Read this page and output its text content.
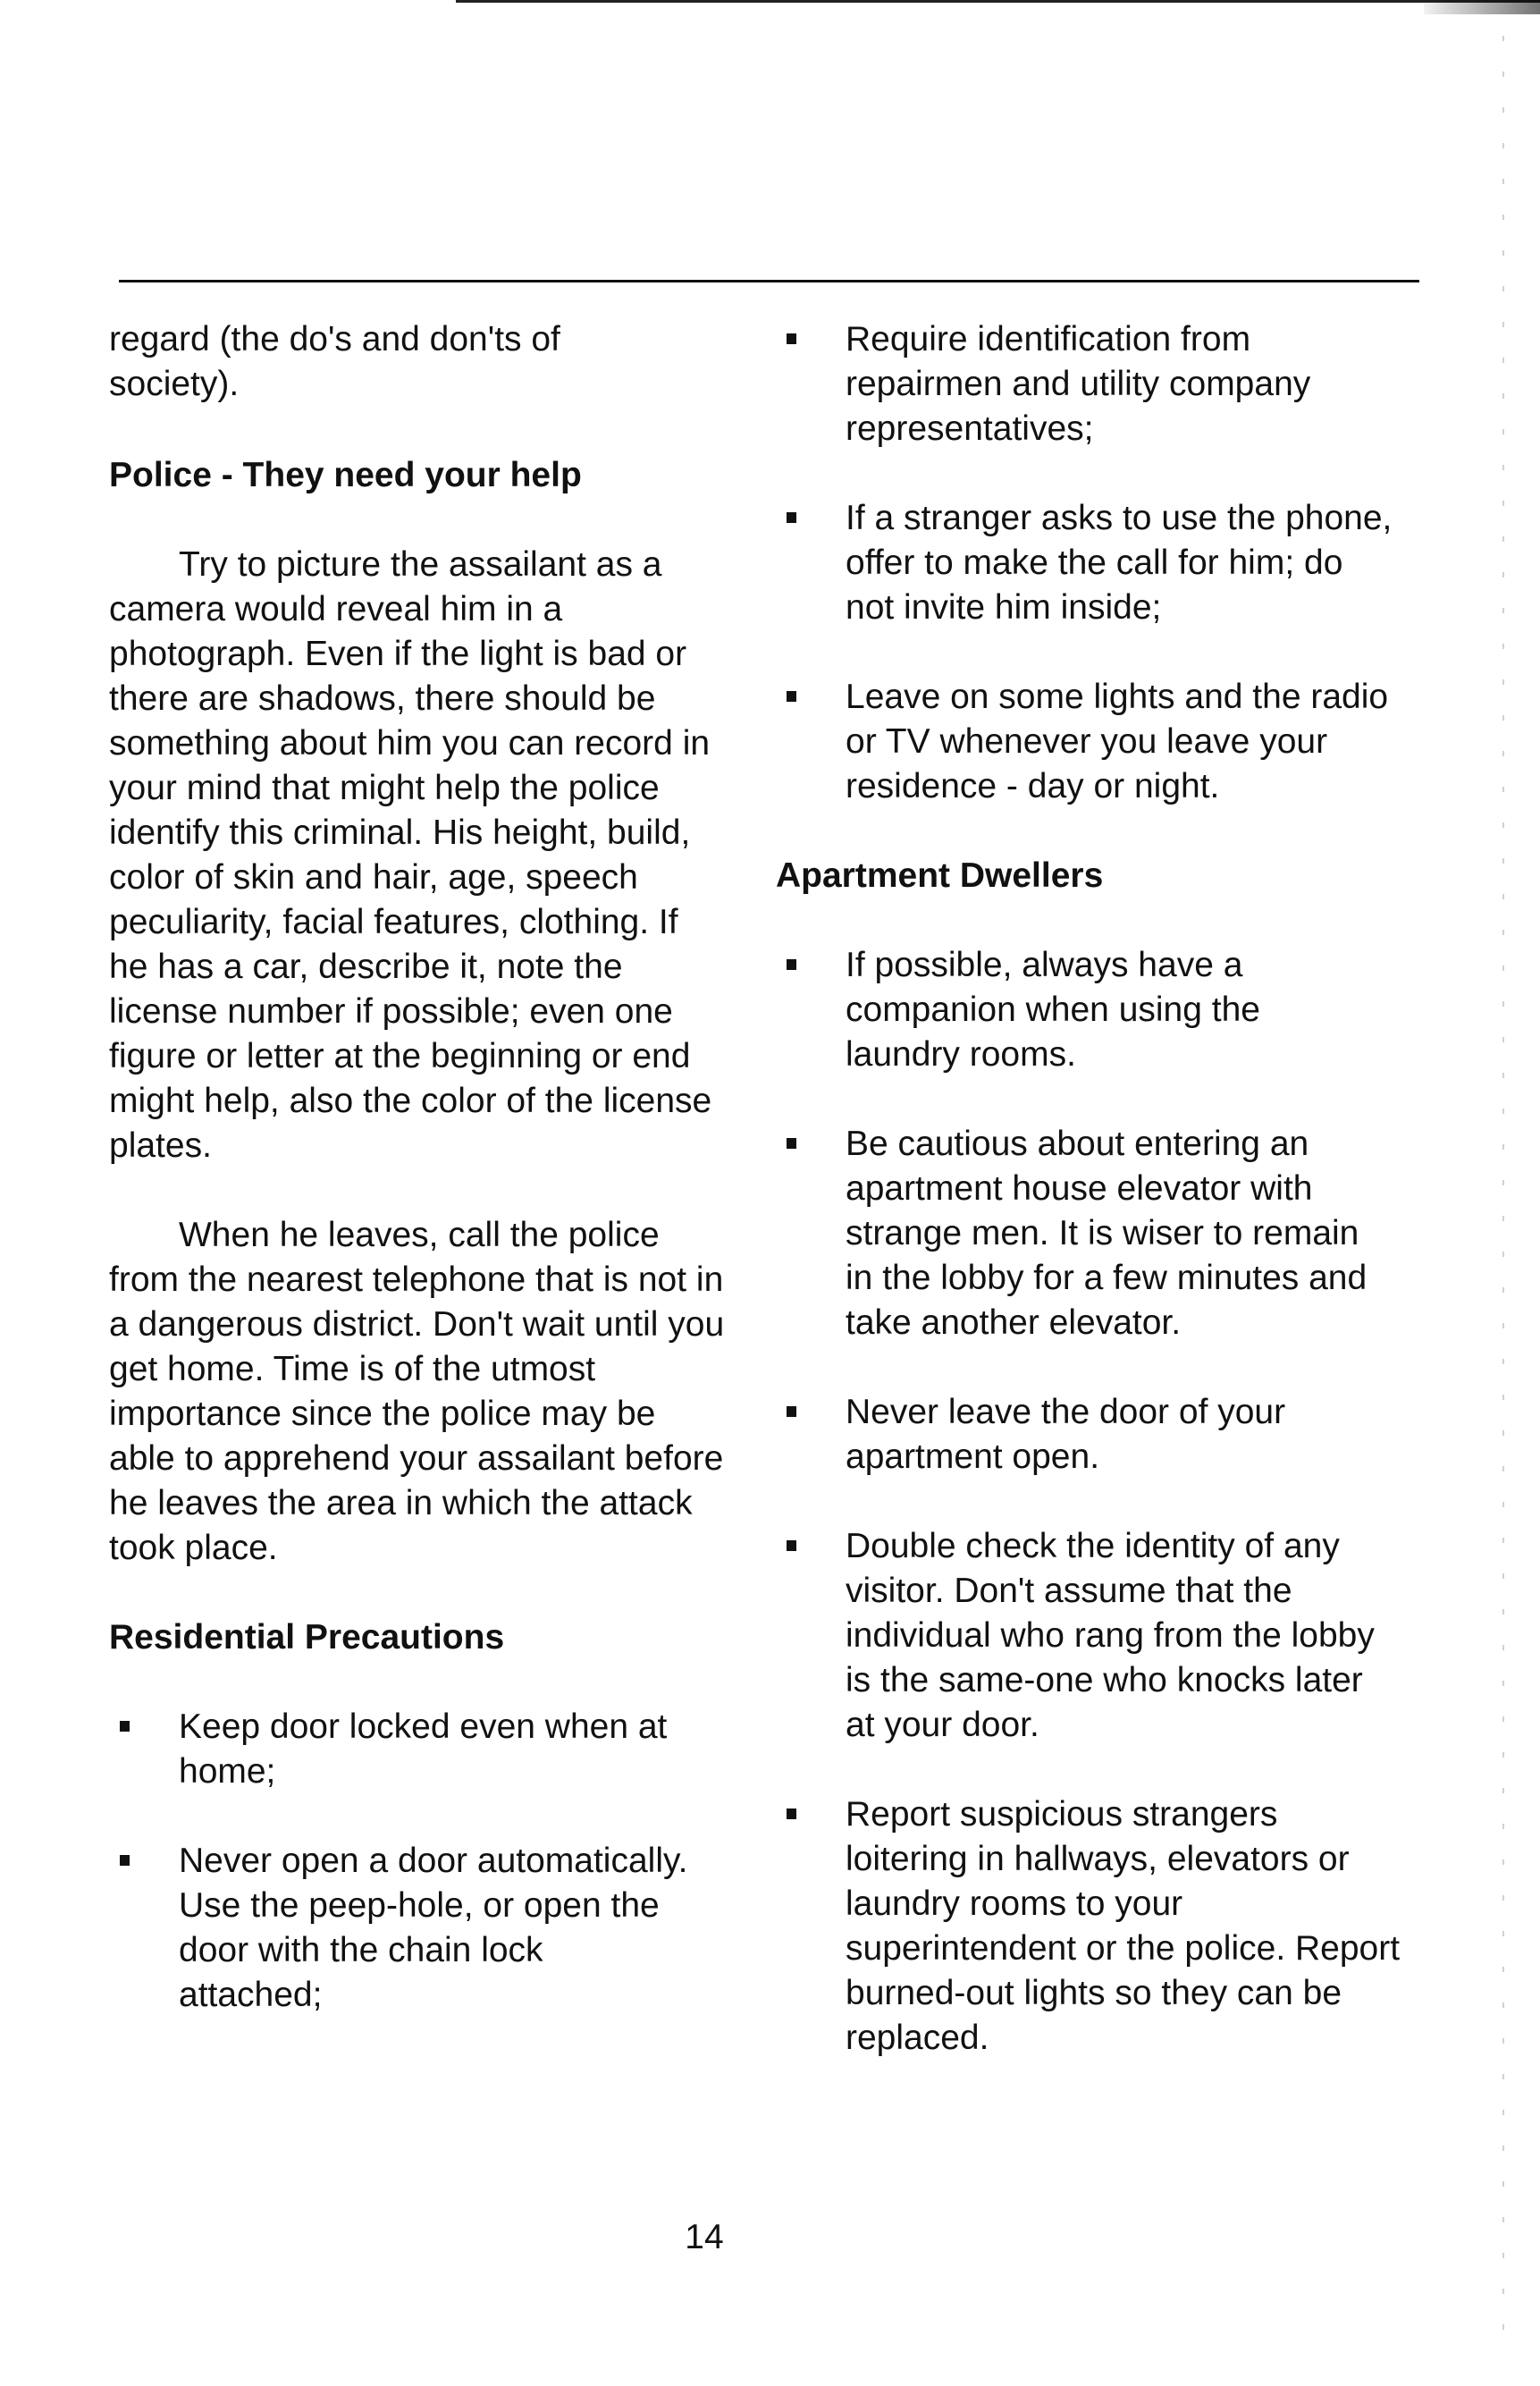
regard (the do's and don'ts of society).

Police - They need your help

Try to picture the assailant as a camera would reveal him in a photograph. Even if the light is bad or there are shadows, there should be something about him you can record in your mind that might help the police identify this criminal. His height, build, color of skin and hair, age, speech peculiarity, facial features, clothing. If he has a car, describe it, note the license number if possible; even one figure or letter at the beginning or end might help, also the color of the license plates.

When he leaves, call the police from the nearest telephone that is not in a dangerous district. Don't wait until you get home. Time is of the utmost importance since the police may be able to apprehend your assailant before he leaves the area in which the attack took place.

Residential Precautions

Keep door locked even when at home;
Never open a door automatically. Use the peep-hole, or open the door with the chain lock attached;
Require identification from repairmen and utility company representatives;
If a stranger asks to use the phone, offer to make the call for him; do not invite him inside;
Leave on some lights and the radio or TV whenever you leave your residence - day or night.

Apartment Dwellers

If possible, always have a companion when using the laundry rooms.
Be cautious about entering an apartment house elevator with strange men. It is wiser to remain in the lobby for a few minutes and take another elevator.
Never leave the door of your apartment open.
Double check the identity of any visitor. Don't assume that the individual who rang from the lobby is the same-one who knocks later at your door.
Report suspicious strangers loitering in hallways, elevators or laundry rooms to your superintendent or the police. Report burned-out lights so they can be replaced.
14
